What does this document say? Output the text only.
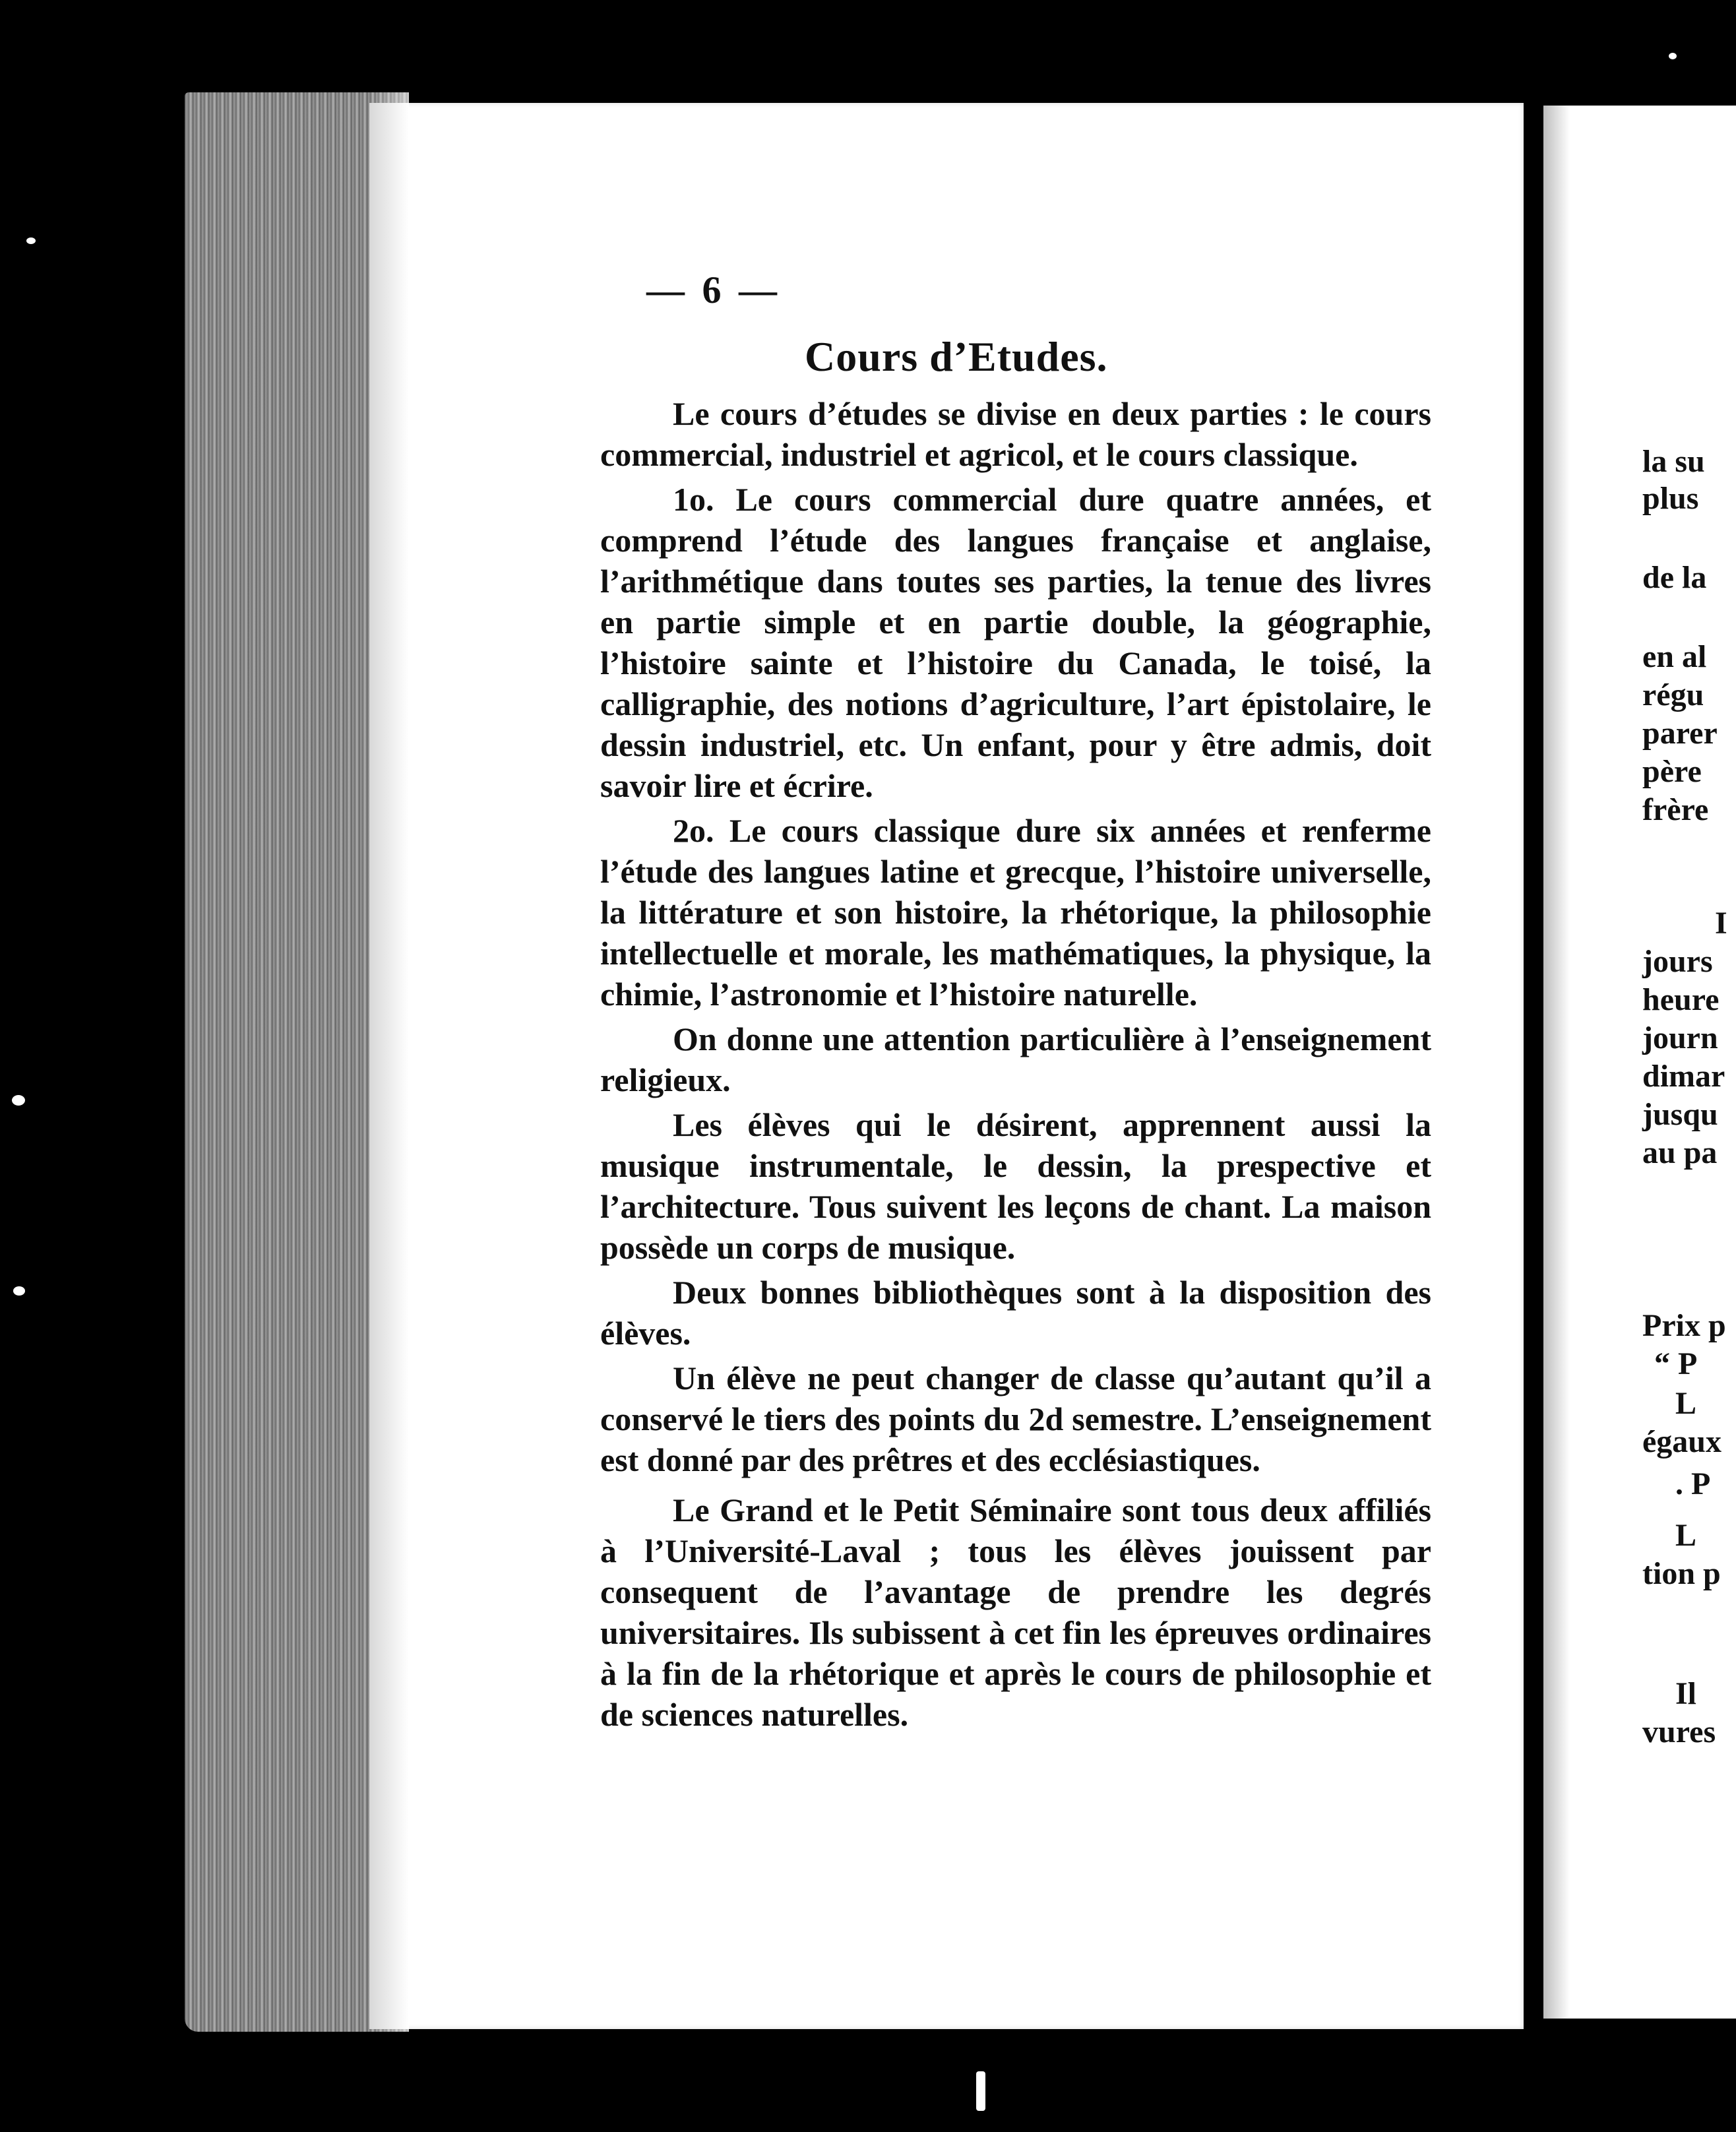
— 6 —
Cours d’Etudes.

Le cours d’études se divise en deux parties : le cours commercial, industriel et agricol, et le cours classique.

1o. Le cours commercial dure quatre années, et comprend l’étude des langues française et anglaise, l’arithmétique dans toutes ses parties, la tenue des livres en partie simple et en partie double, la géographie, l’histoire sainte et l’histoire du Canada, le toisé, la calligraphie, des notions d’agriculture, l’art épistolaire, le dessin industriel, etc. Un enfant, pour y être admis, doit savoir lire et écrire.

2o. Le cours classique dure six années et renferme l’étude des langues latine et grecque, l’histoire universelle, la littérature et son histoire, la rhétorique, la philosophie intellectuelle et morale, les mathématiques, la physique, la chimie, l’astronomie et l’histoire naturelle.

On donne une attention particulière à l’enseignement religieux.

Les élèves qui le désirent, apprennent aussi la musique instrumentale, le dessin, la prespective et l’architecture. Tous suivent les leçons de chant. La maison possède un corps de musique.

Deux bonnes bibliothèques sont à la disposition des élèves.

Un élève ne peut changer de classe qu’autant qu’il a conservé le tiers des points du 2d semestre. L’enseignement est donné par des prêtres et des ecclésiastiques.

Le Grand et le Petit Séminaire sont tous deux affiliés à l’Université-Laval ; tous les élèves jouissent par consequent de l’avantage de prendre les degrés universitaires. Ils subissent à cet fin les épreuves ordinaires à la fin de la rhétorique et après le cours de philosophie et de sciences naturelles.

la su
plus
de la
en al
régu
parer
père
frère
I
jours
heure
journ
dimar
jusqu
au pa
Prix p
“ P
L
égaux
. P
L
tion p
Il
vures
